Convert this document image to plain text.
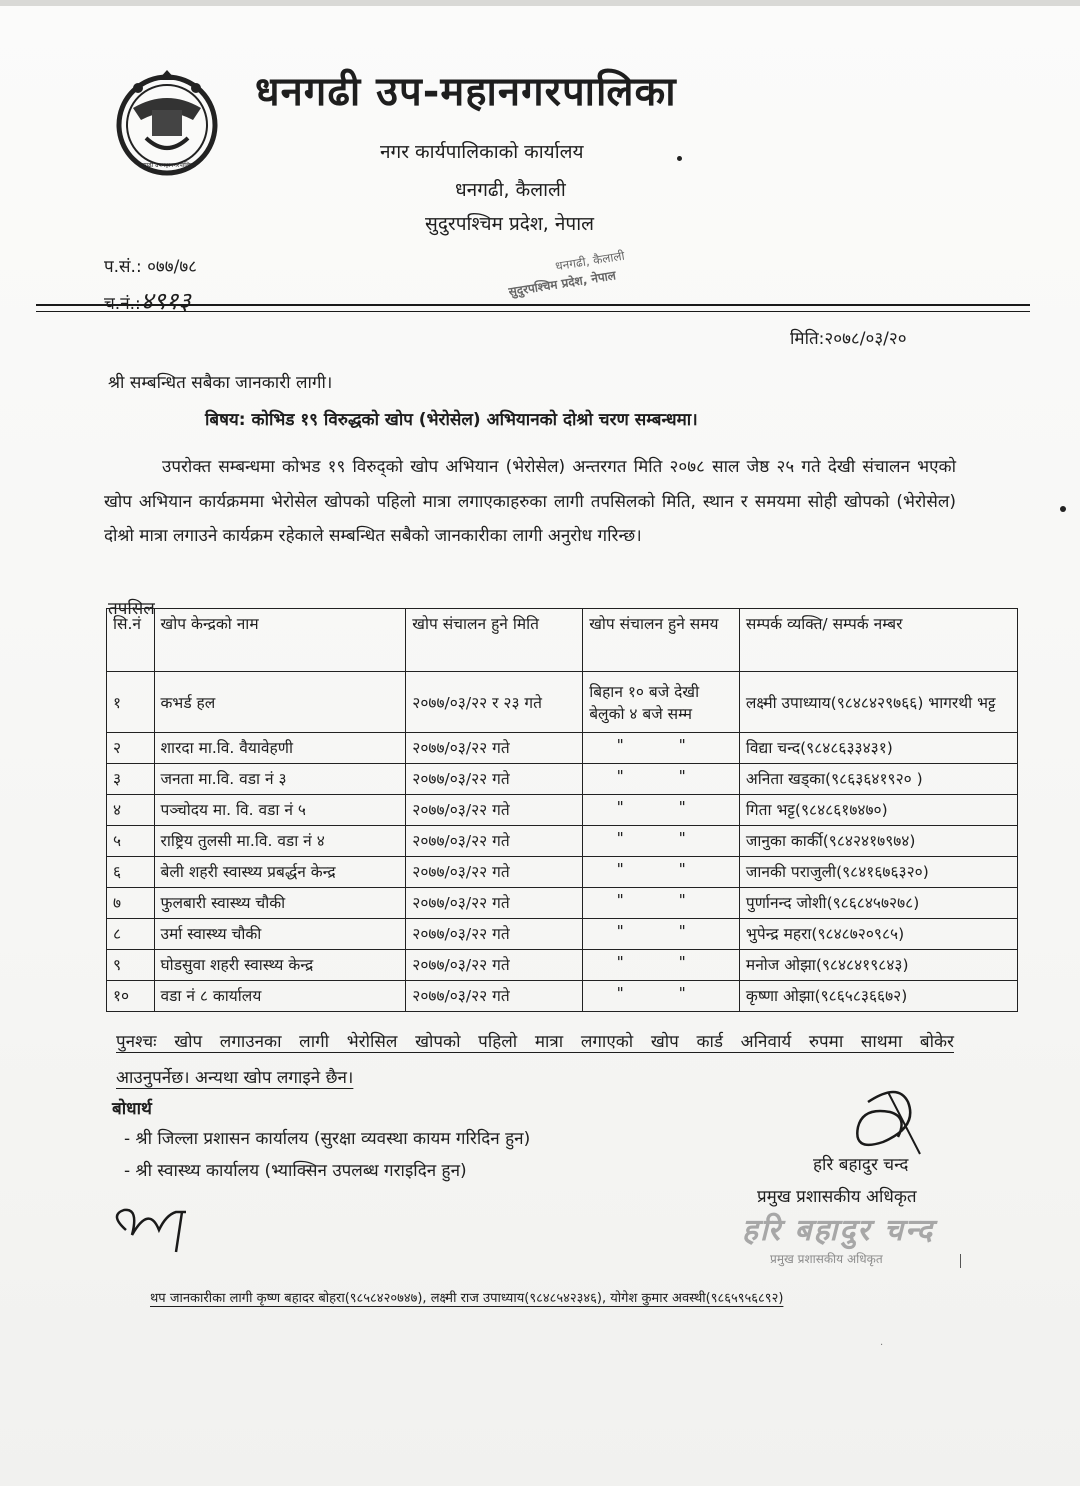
धनगढी उपमहानगरपालिका
धनगढी उप-महानगरपालिका
नगर कार्यपालिकाको कार्यालय
धनगढी, कैलाली
सुदुरपश्चिम प्रदेश, नेपाल
प.सं.: ०७७/७८
च.नं.:४९१३
धनगढी, कैलाली
सुदुरपश्चिम प्रदेश, नेपाल
मिति:२०७८/०३/२०
श्री सम्बन्धित सबैका जानकारी लागी।
बिषय: कोभिड १९ विरुद्धको खोप (भेरोसेल) अभियानको दोश्रो चरण सम्बन्धमा।
उपरोक्त सम्बन्धमा कोभड १९ विरुद्को खोप अभियान (भेरोसेल) अन्तरगत मिति २०७८ साल जेष्ठ २५ गते देखी संचालन भएको खोप अभियान कार्यक्रममा भेरोसेल खोपको पहिलो मात्रा लगाएकाहरुका लागी तपसिलको मिति, स्थान र समयमा सोही खोपको (भेरोसेल) दोश्रो मात्रा लगाउने कार्यक्रम रहेकाले सम्बन्धित सबैको जानकारीका लागी अनुरोध गरिन्छ।
तपसिल
सि.नं	खोप केन्द्रको नाम	खोप संचालन हुने मिति	खोप संचालन हुने समय	सम्पर्क व्यक्ति/ सम्पर्क नम्बर
१	कभर्ड हल	२०७७/०३/२२ र २३ गते	बिहान १० बजे देखी बेलुको ४ बजे सम्म	लक्ष्मी उपाध्याय(९८४८४२९७६६) भागरथी भट्ट
२	शारदा मा.वि. वैयावेहणी	२०७७/०३/२२ गते	" "	विद्या चन्द(९८४८६३३४३१)
३	जनता मा.वि. वडा नं ३	२०७७/०३/२२ गते	" "	अनिता खड्का(९८६३६४१९२० )
४	पञ्चोदय मा. वि. वडा नं ५	२०७७/०३/२२ गते	" "	गिता भट्ट(९८४८६१७४७०)
५	राष्ट्रिय तुलसी मा.वि. वडा नं ४	२०७७/०३/२२ गते	" "	जानुका कार्की(९८४२४१७९७४)
६	बेली शहरी स्वास्थ्य प्रबर्द्धन केन्द्र	२०७७/०३/२२ गते	" "	जानकी पराजुली(९८४१६७६३२०)
७	फुलबारी स्वास्थ्य चौकी	२०७७/०३/२२ गते	" "	पुर्णानन्द जोशी(९८६८४५७२७८)
८	उर्मा स्वास्थ्य चौकी	२०७७/०३/२२ गते	" "	भुपेन्द्र महरा(९८४८७२०९८५)
९	घोडसुवा शहरी स्वास्थ्य केन्द्र	२०७७/०३/२२ गते	" "	मनोज ओझा(९८४८४१९८४३)
१०	वडा नं ८ कार्यालय	२०७७/०३/२२ गते	" "	कृष्णा ओझा(९८६५८३६६७२)
पुनश्चः खोप लगाउनका लागी भेरोसिल खोपको पहिलो मात्रा लगाएको खोप कार्ड अनिवार्य रुपमा साथमा बोकेर
आउनुपर्नेछ। अन्यथा खोप लगाइने छैन।
बोधार्थ
- श्री जिल्ला प्रशासन कार्यालय (सुरक्षा व्यवस्था कायम गरिदिन हुन)
- श्री स्वास्थ्य कार्यालय (भ्याक्सिन उपलब्ध गराइदिन हुन)	हरि बहादुर चन्द
प्रमुख प्रशासकीय अधिकृत
हरि बहादुर चन्द
प्रमुख प्रशासकीय अधिकृत
थप जानकारीका लागी कृष्ण बहादर बोहरा(९८५८४२०७४७), लक्ष्मी राज उपाध्याय(९८४८५४२३४६), योगेश कुमार अवस्थी(९८६५९५६८९२)
·
